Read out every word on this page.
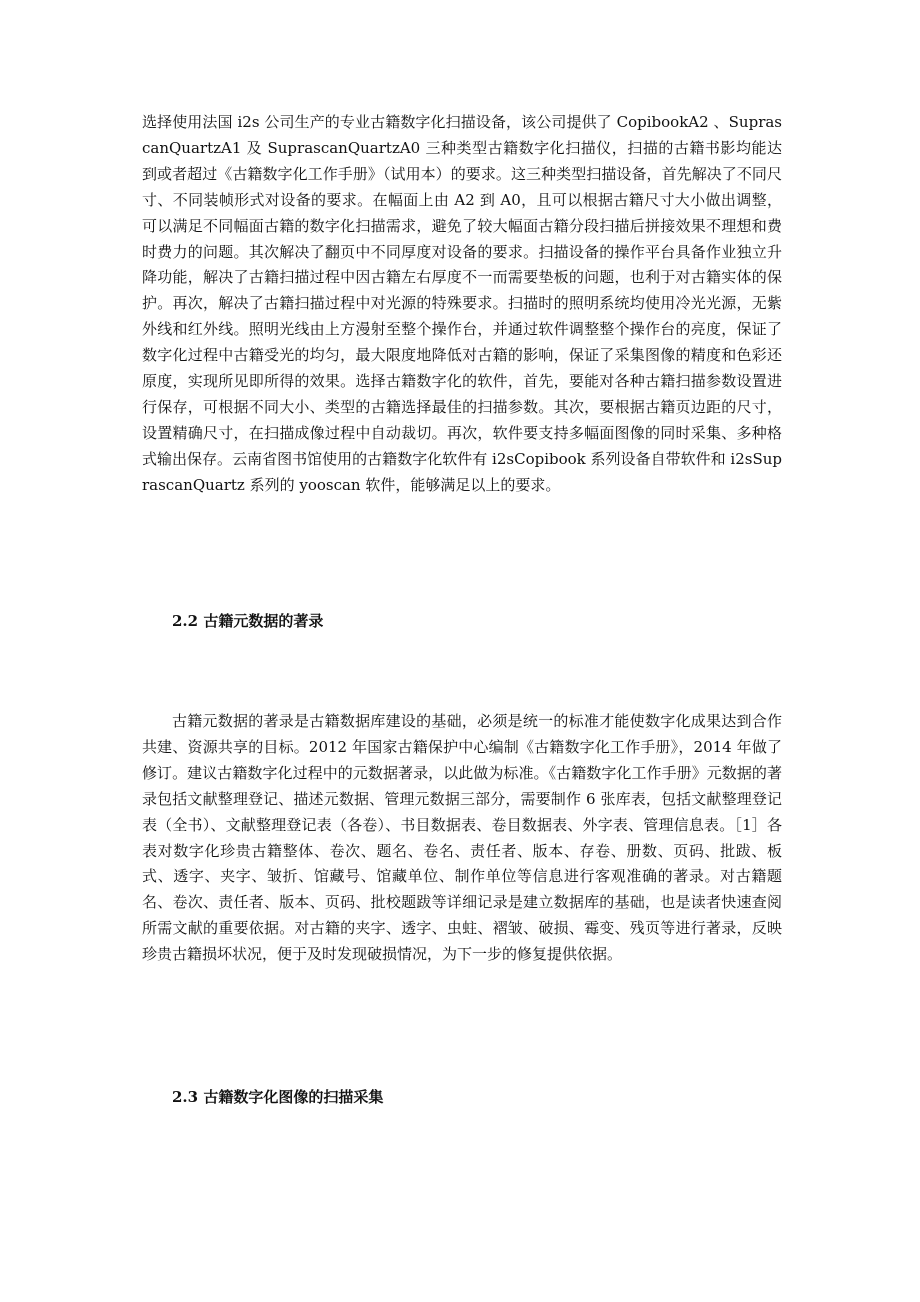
选择使用法国 i2s 公司生产的专业古籍数字化扫描设备，该公司提供了 CopibookA2 、SuprascanQuartzA1 及 SuprascanQuartzA0 三种类型古籍数字化扫描仪，扫描的古籍书影均能达到或者超过《古籍数字化工作手册》（试用本）的要求。这三种类型扫描设备，首先解决了不同尺寸、不同装帧形式对设备的要求。在幅面上由 A2 到 A0，且可以根据古籍尺寸大小做出调整，可以满足不同幅面古籍的数字化扫描需求，避免了较大幅面古籍分段扫描后拼接效果不理想和费时费力的问题。其次解决了翻页中不同厚度对设备的要求。扫描设备的操作平台具备作业独立升降功能，解决了古籍扫描过程中因古籍左右厚度不一而需要垫板的问题，也利于对古籍实体的保护。再次，解决了古籍扫描过程中对光源的特殊要求。扫描时的照明系统均使用冷光光源，无紫外线和红外线。照明光线由上方漫射至整个操作台，并通过软件调整整个操作台的亮度，保证了数字化过程中古籍受光的均匀，最大限度地降低对古籍的影响，保证了采集图像的精度和色彩还原度，实现所见即所得的效果。选择古籍数字化的软件，首先，要能对各种古籍扫描参数设置进行保存，可根据不同大小、类型的古籍选择最佳的扫描参数。其次，要根据古籍页边距的尺寸，设置精确尺寸，在扫描成像过程中自动裁切。再次，软件要支持多幅面图像的同时采集、多种格式输出保存。云南省图书馆使用的古籍数字化软件有 i2sCopibook 系列设备自带软件和 i2sSuprascanQuartz 系列的 yooscan 软件，能够满足以上的要求。

2.2 古籍元数据的著录

古籍元数据的著录是古籍数据库建设的基础，必须是统一的标准才能使数字化成果达到合作共建、资源共享的目标。2012 年国家古籍保护中心编制《古籍数字化工作手册》，2014 年做了修订。建议古籍数字化过程中的元数据著录，以此做为标准。《古籍数字化工作手册》元数据的著录包括文献整理登记、描述元数据、管理元数据三部分，需要制作 6 张库表，包括文献整理登记表（全书）、文献整理登记表（各卷）、书目数据表、卷目数据表、外字表、管理信息表。［1］各表对数字化珍贵古籍整体、卷次、题名、卷名、责任者、版本、存卷、册数、页码、批跋、板式、透字、夹字、皱折、馆藏号、馆藏单位、制作单位等信息进行客观准确的著录。对古籍题名、卷次、责任者、版本、页码、批校题跋等详细记录是建立数据库的基础，也是读者快速查阅所需文献的重要依据。对古籍的夹字、透字、虫蛀、褶皱、破损、霉变、残页等进行著录，反映珍贵古籍损坏状况，便于及时发现破损情况，为下一步的修复提供依据。

2.3 古籍数字化图像的扫描采集
